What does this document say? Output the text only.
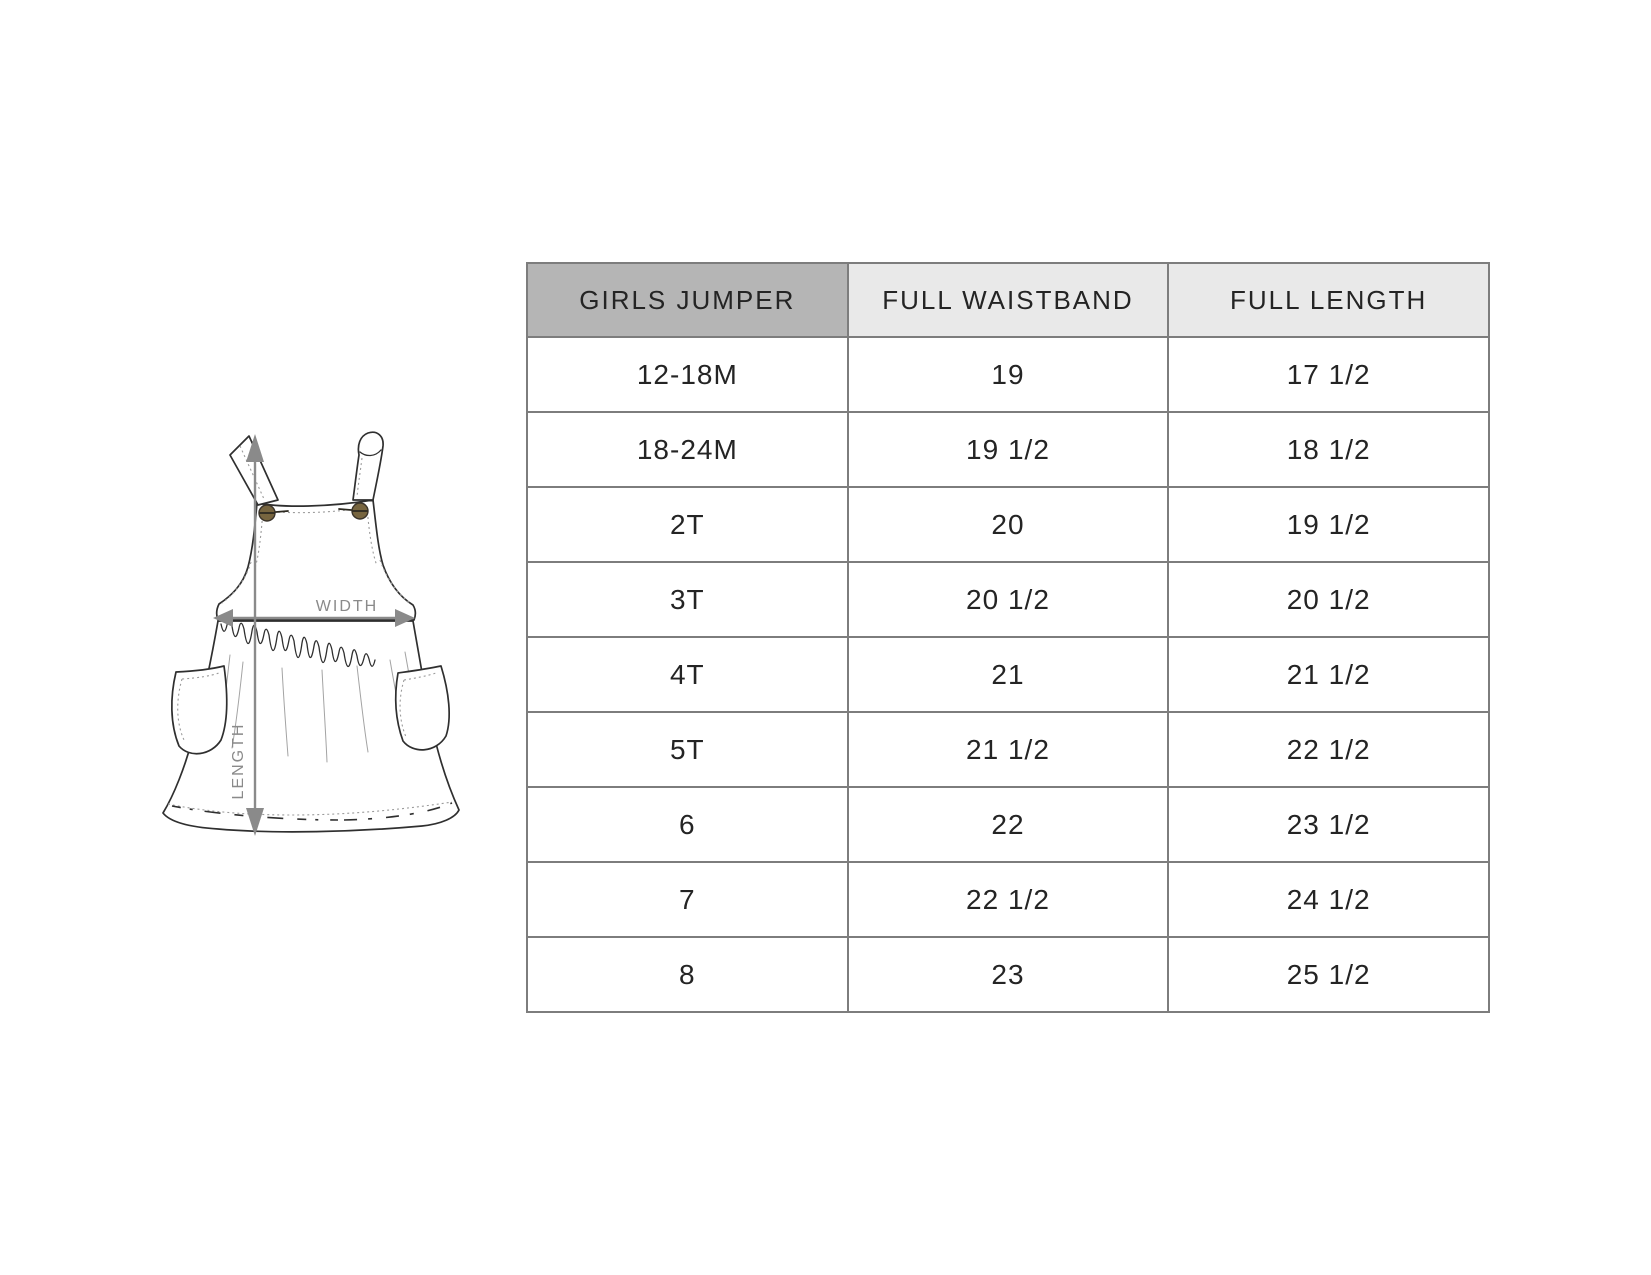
WIDTH
LENGTH
GIRLS JUMPER	FULL WAISTBAND	FULL LENGTH
12-18M	19	17 1/2
18-24M	19 1/2	18 1/2
2T	20	19 1/2
3T	20 1/2	20 1/2
4T	21	21 1/2
5T	21 1/2	22 1/2
6	22	23 1/2
7	22 1/2	24 1/2
8	23	25 1/2
